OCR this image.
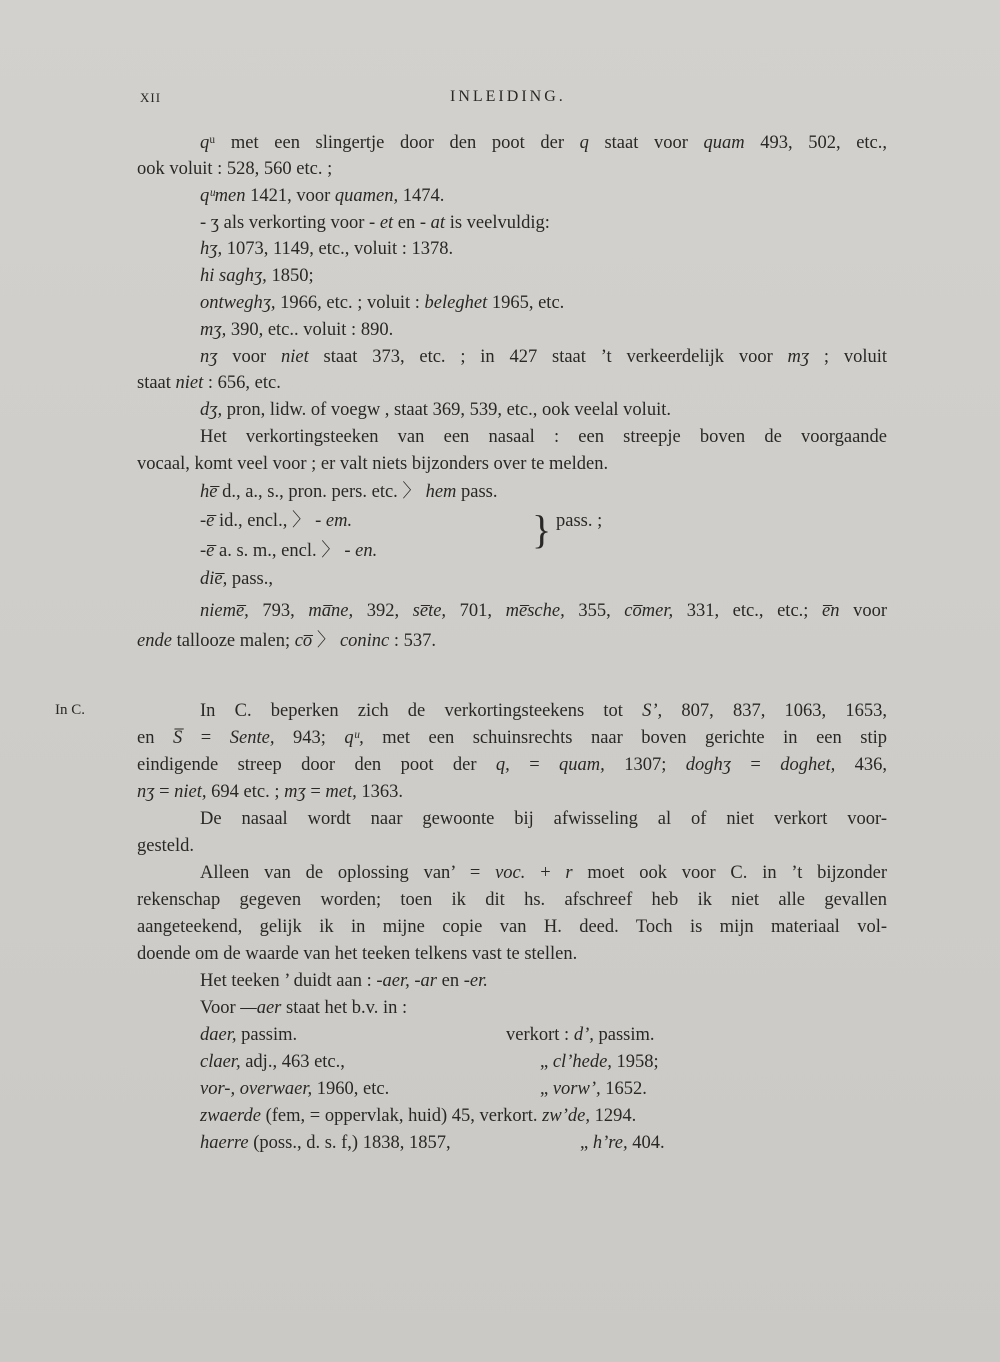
XII	INLEIDING.
In C.
}
qᵘ met een slingertje door den poot der q staat voor quam 493, 502, etc.,
ook voluit : 528, 560 etc. ;
qᵘmen 1421, voor quamen, 1474.
- ʒ als verkorting voor - et en - at is veelvuldig:
hʒ, 1073, 1149, etc., voluit : 1378.
hi saghʒ, 1850;
ontweghʒ, 1966, etc. ; voluit : beleghet 1965, etc.
mʒ, 390, etc.. voluit : 890.
nʒ voor niet staat 373, etc. ; in 427 staat ’t verkeerdelijk voor mʒ ; voluit
staat niet : 656, etc.
dʒ, pron, lidw. of voegw , staat 369, 539, etc., ook veelal voluit.
Het verkortingsteeken van een nasaal : een streepje boven de voorgaande
vocaal, komt veel voor ; er valt niets bijzonders over te melden.
he̅ d., a., s., pron. pers. etc. 〉 hem pass.
-e̅ id., encl., 〉 - em.	pass. ;
-e̅ a. s. m., encl. 〉 - en.
die̅, pass.,
nieme̅, 793, ma̅ne, 392, se̅te, 701, me̅sche, 355, co̅mer, 331, etc., etc.; e̅n voor
ende tallooze malen; co̅ 〉 coninc : 537.
In C. beperken zich de verkortingsteekens tot S’, 807, 837, 1063, 1653,
en S̅ = Sente, 943; qᵘ, met een schuinsrechts naar boven gerichte in een stip
eindigende streep door den poot der q, = quam, 1307; doghʒ = doghet, 436,
nʒ = niet, 694 etc. ; mʒ = met, 1363.
De nasaal wordt naar gewoonte bij afwisseling al of niet verkort voor-
gesteld.
Alleen van de oplossing van’ = voc. + r moet ook voor C. in ’t bijzonder
rekenschap gegeven worden; toen ik dit hs. afschreef heb ik niet alle gevallen
aangeteekend, gelijk ik in mijne copie van H. deed. Toch is mijn materiaal vol-
doende om de waarde van het teeken telkens vast te stellen.
Het teeken ’ duidt aan : -aer, -ar en -er.
Voor —aer staat het b.v. in :
daer, passim.	verkort : d’, passim.
claer, adj., 463 etc.,	„ cl’hede, 1958;
vor-, overwaer, 1960, etc.	„ vorw’, 1652.
zwaerde (fem, = oppervlak, huid) 45, verkort. zw’de, 1294.
haerre (poss., d. s. f,) 1838, 1857,	„ h’re, 404.
